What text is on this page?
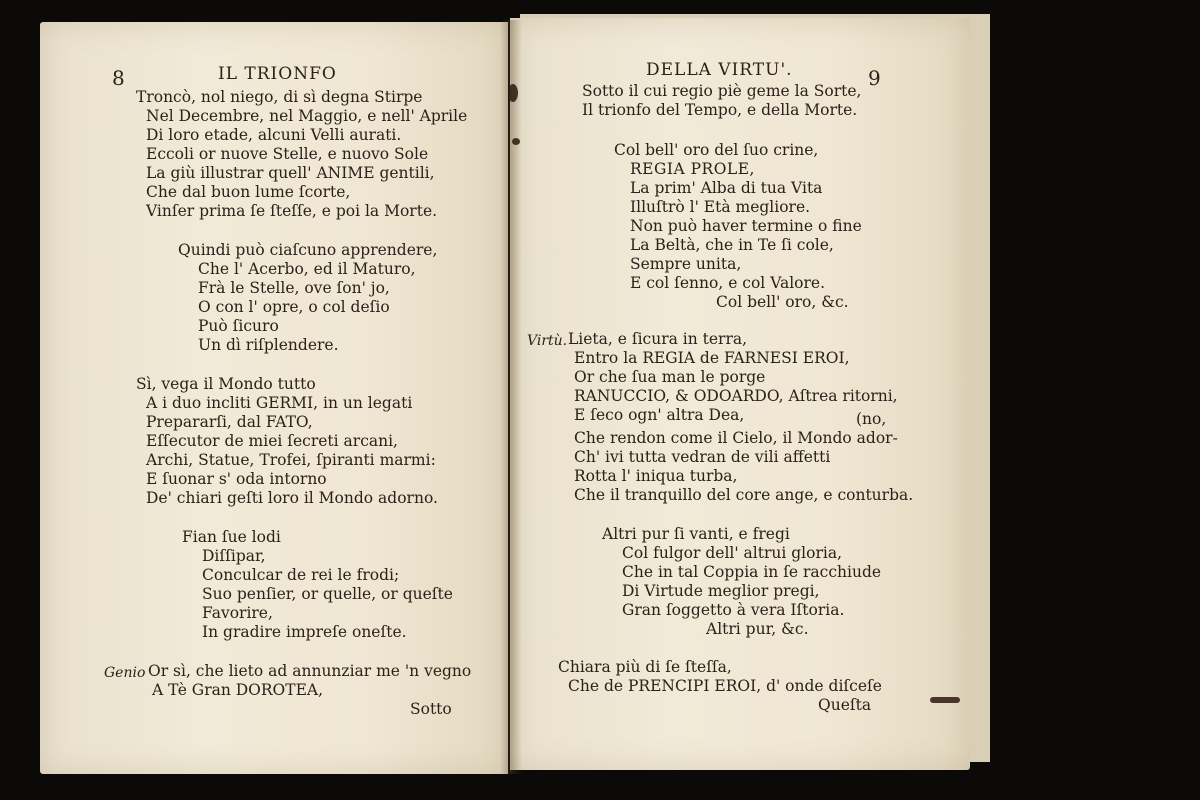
8	IL TRIONFO
Troncò, nol niego, di sì degna Stirpe
Nel Decembre, nel Maggio, e nell' Aprile
Di loro etade, alcuni Velli aurati.
Eccoli or nuove Stelle, e nuovo Sole
La giù illustrar quell' ANIME gentili,
Che dal buon lume ſcorte,
Vinſer prima ſe ſteſſe, e poi la Morte.
Quindi può ciaſcuno apprendere,
Che l' Acerbo, ed il Maturo,
Frà le Stelle, ove ſon' jo,
O con l' opre, o col deſio
Può ſicuro
Un dì riſplendere.
Sì, vega il Mondo tutto
A i duo incliti GERMI, in un legati
Prepararſi, dal FATO,
Eſſecutor de miei ſecreti arcani,
Archi, Statue, Trofei, ſpiranti marmi:
E ſuonar s' oda intorno
De' chiari geſti loro il Mondo adorno.
Fian ſue lodi
Diſſipar,
Conculcar de rei le frodi;
Suo penſier, or quelle, or queſte
Favorire,
In gradire impreſe oneſte.
Genio Or sì, che lieto ad annunziar me 'n vegno
A Tè Gran DOROTEA,
Sotto
DELLA VIRTU'.	9
Sotto il cui regio piè geme la Sorte,
Il trionfo del Tempo, e della Morte.
Col bell' oro del ſuo crine,
REGIA PROLE,
La prim' Alba di tua Vita
Illuſtrò l' Età megliore.
Non può haver termine o fine
La Beltà, che in Te ſi cole,
Sempre unita,
E col ſenno, e col Valore.
Col bell' oro, &c.
Virtù. Lieta, e ſicura in terra,
Entro la REGIA de FARNESI EROI,
Or che ſua man le porge
RANUCCIO, & ODOARDO, Aſtrea ritorni,
E ſeco ogn' altra Dea,	(no,
Che rendon come il Cielo, il Mondo ador-
Ch' ivi tutta vedran de vili affetti
Rotta l' iniqua turba,
Che il tranquillo del core ange, e conturba.
Altri pur ſi vanti, e fregi
Col fulgor dell' altrui gloria,
Che in tal Coppia in ſe racchiude
Di Virtude meglior pregi,
Gran ſoggetto à vera Iſtoria.
Altri pur, &c.
Chiara più di ſe ſteſſa,
Che de PRENCIPI EROI, d' onde diſceſe
Queſta
